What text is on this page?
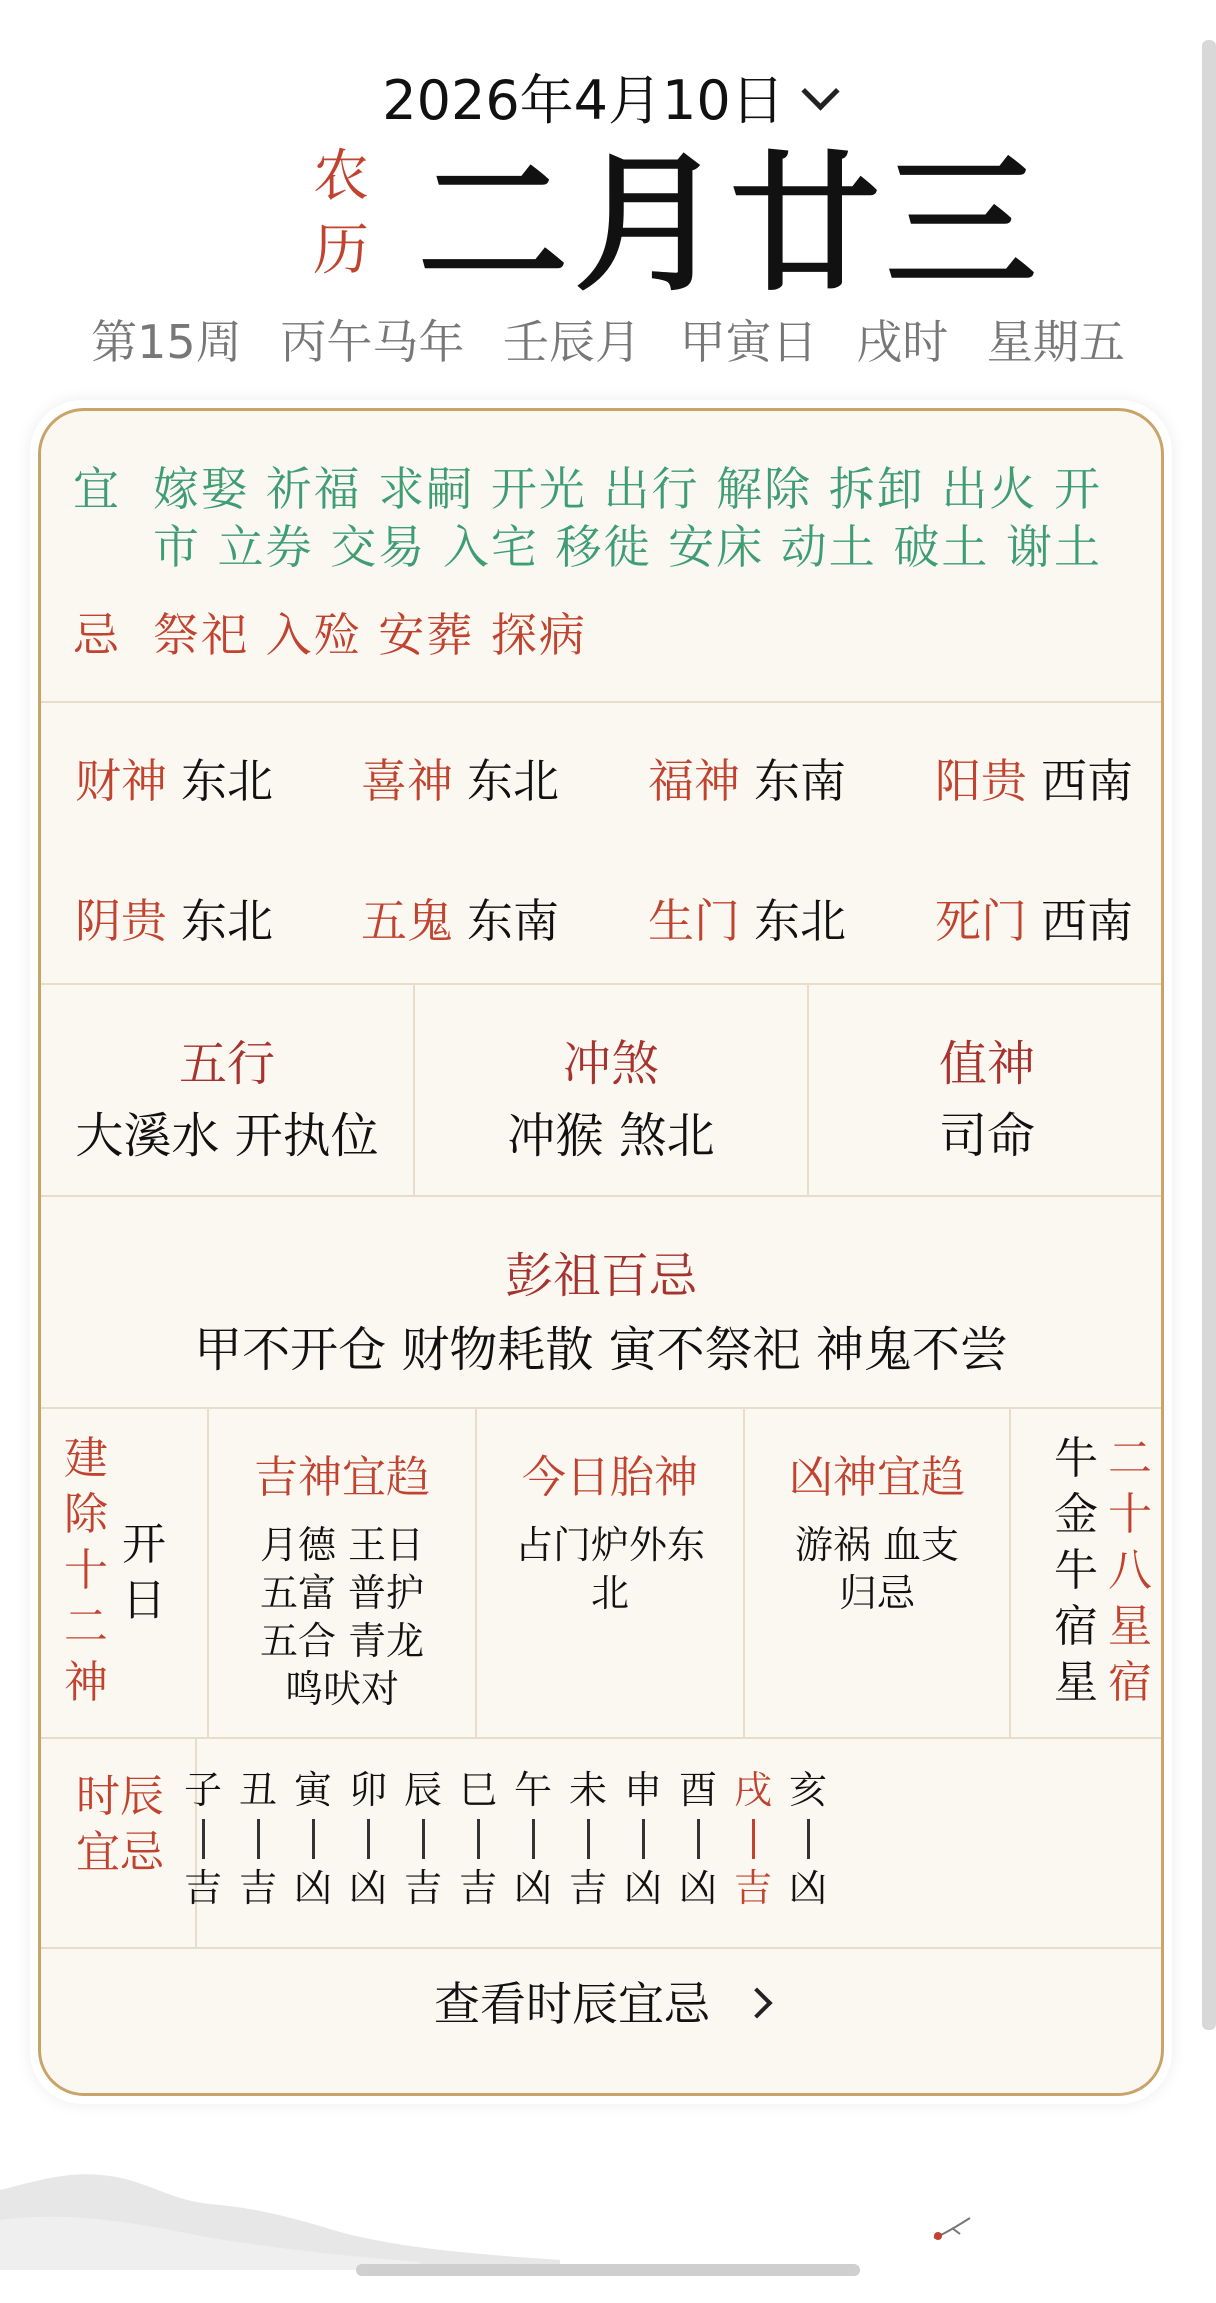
2026年4月10日
农
历 二月廿三
第15周 丙午马年 壬辰月 甲寅日 戌时 星期五
宜 嫁娶 祈福 求嗣 开光 出行 解除 拆卸 出火 开
市 立券 交易 入宅 移徙 安床 动土 破土 谢土
忌 祭祀 入殓 安葬 探病
财神 东北 喜神 东北 福神 东南 阳贵 西南
阴贵 东北 五鬼 东南 生门 东北 死门 西南
五行
大溪水 开执位
冲煞
冲猴 煞北
值神
司命
彭祖百忌
甲不开仓 财物耗散 寅不祭祀 神鬼不尝
建
除
十
二
神
开
日
吉神宜趋
月德 王日
五富 普护
五合 青龙
鸣吠对
今日胎神
占门炉外东
北
凶神宜趋
游祸 血支
归忌
牛
金
牛
宿
星
二
十
八
星
宿
时辰
宜忌
子
吉
丑
吉
寅
凶
卯
凶
辰
吉
巳
吉
午
凶
未
吉
申
凶
酉
凶
戌
吉
亥
凶
查看时辰宜忌
